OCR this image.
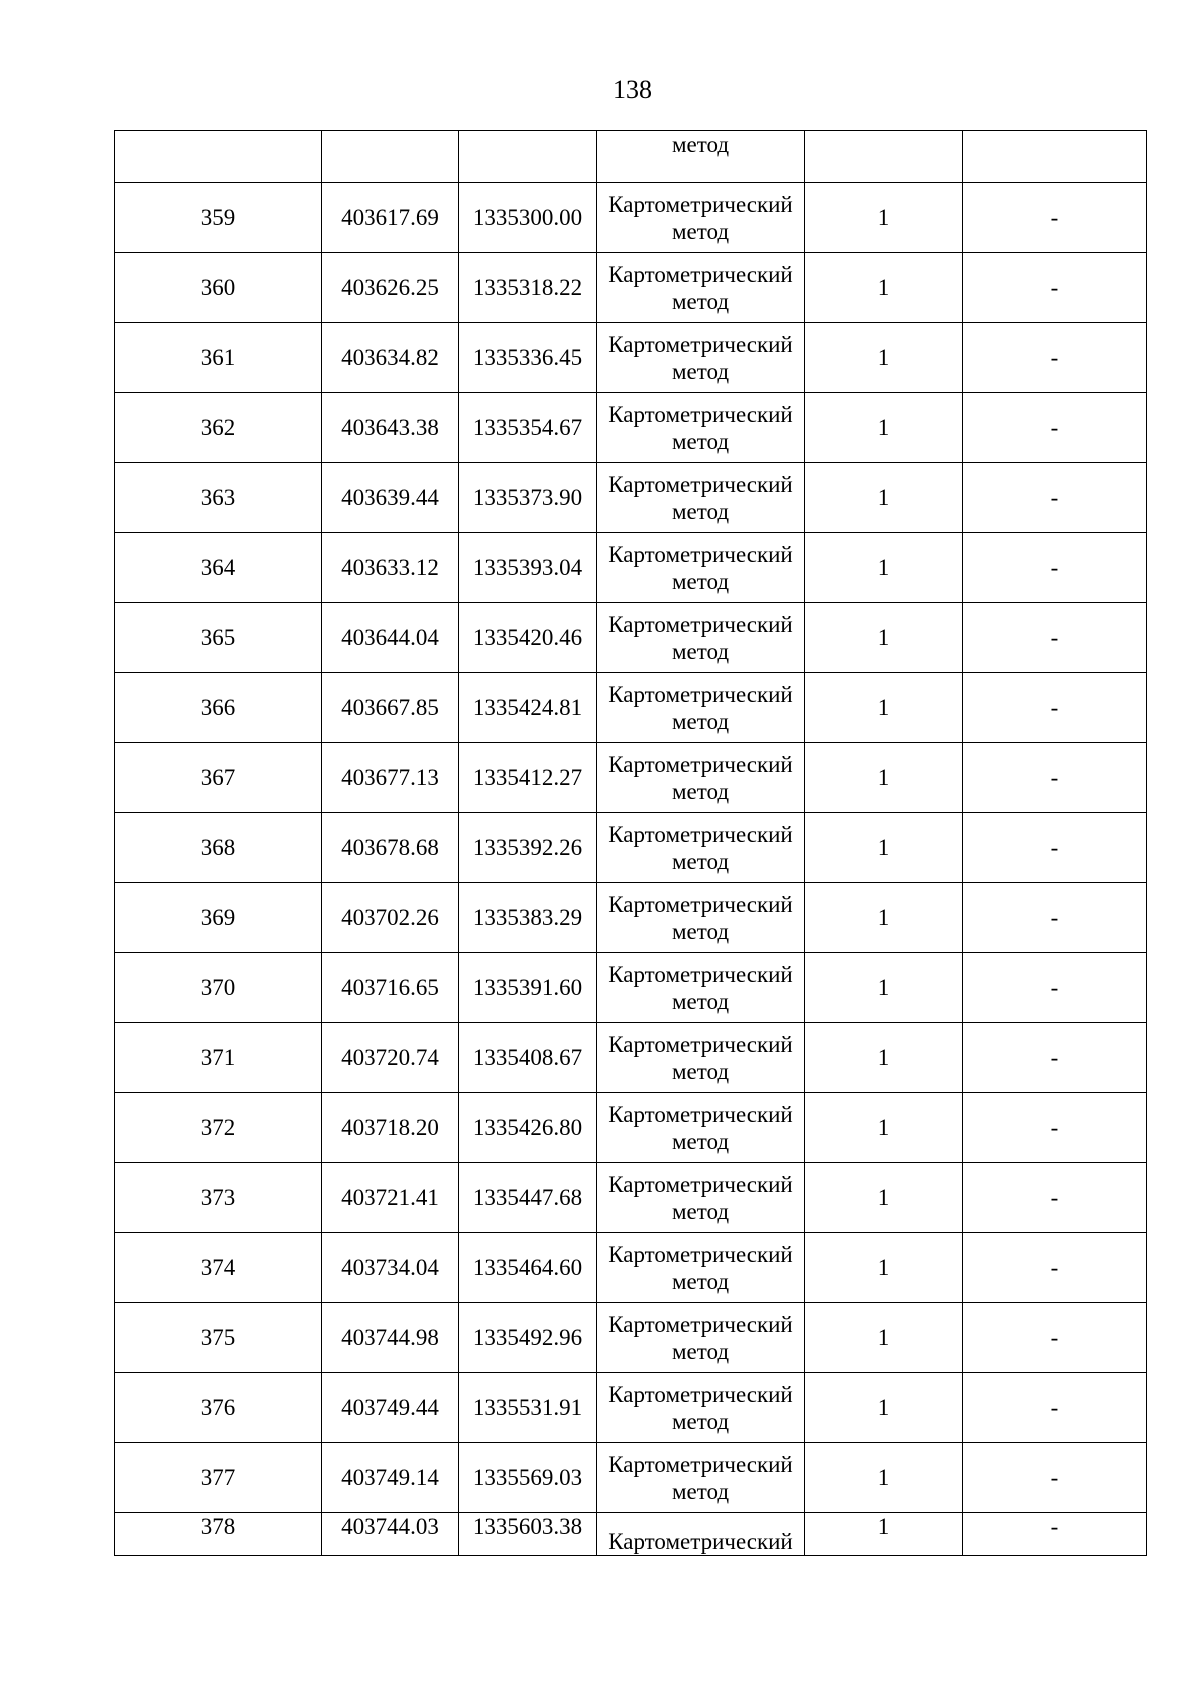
138
			метод		
359	403617.69	1335300.00	Картометрический
метод	1	-
360	403626.25	1335318.22	Картометрический
метод	1	-
361	403634.82	1335336.45	Картометрический
метод	1	-
362	403643.38	1335354.67	Картометрический
метод	1	-
363	403639.44	1335373.90	Картометрический
метод	1	-
364	403633.12	1335393.04	Картометрический
метод	1	-
365	403644.04	1335420.46	Картометрический
метод	1	-
366	403667.85	1335424.81	Картометрический
метод	1	-
367	403677.13	1335412.27	Картометрический
метод	1	-
368	403678.68	1335392.26	Картометрический
метод	1	-
369	403702.26	1335383.29	Картометрический
метод	1	-
370	403716.65	1335391.60	Картометрический
метод	1	-
371	403720.74	1335408.67	Картометрический
метод	1	-
372	403718.20	1335426.80	Картометрический
метод	1	-
373	403721.41	1335447.68	Картометрический
метод	1	-
374	403734.04	1335464.60	Картометрический
метод	1	-
375	403744.98	1335492.96	Картометрический
метод	1	-
376	403749.44	1335531.91	Картометрический
метод	1	-
377	403749.14	1335569.03	Картометрический
метод	1	-
378	403744.03	1335603.38	Картометрический	1	-
